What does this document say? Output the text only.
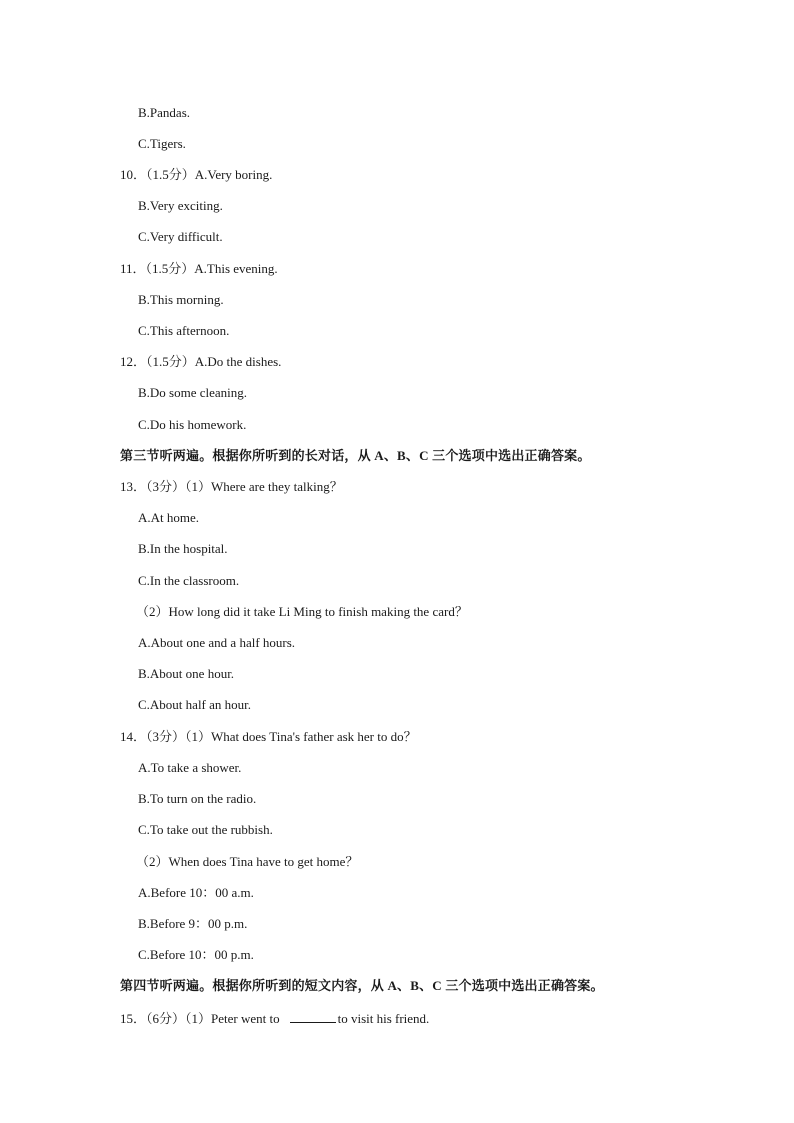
B.Pandas.
C.Tigers.
10．（1.5分）A.Very boring.
B.Very exciting.
C.Very difficult.
11．（1.5分）A.This evening.
B.This morning.
C.This afternoon.
12．（1.5分）A.Do the dishes.
B.Do some cleaning.
C.Do his homework.
第三节听两遍。根据你所听到的长对话，从 A、B、C 三个选项中选出正确答案。
13．（3分）（1）Where are they talking？
A.At home.
B.In the hospital.
C.In the classroom.
（2）How long did it take Li Ming to finish making the card？
A.About one and a half hours.
B.About one hour.
C.About half an hour.
14．（3分）（1）What does Tina's father ask her to do？
A.To take a shower.
B.To turn on the radio.
C.To take out the rubbish.
（2）When does Tina have to get home？
A.Before 10：00 a.m.
B.Before 9：00 p.m.
C.Before 10：00 p.m.
第四节听两遍。根据你所听到的短文内容，从 A、B、C 三个选项中选出正确答案。
15．（6分）（1）Peter went to	to visit his friend.
